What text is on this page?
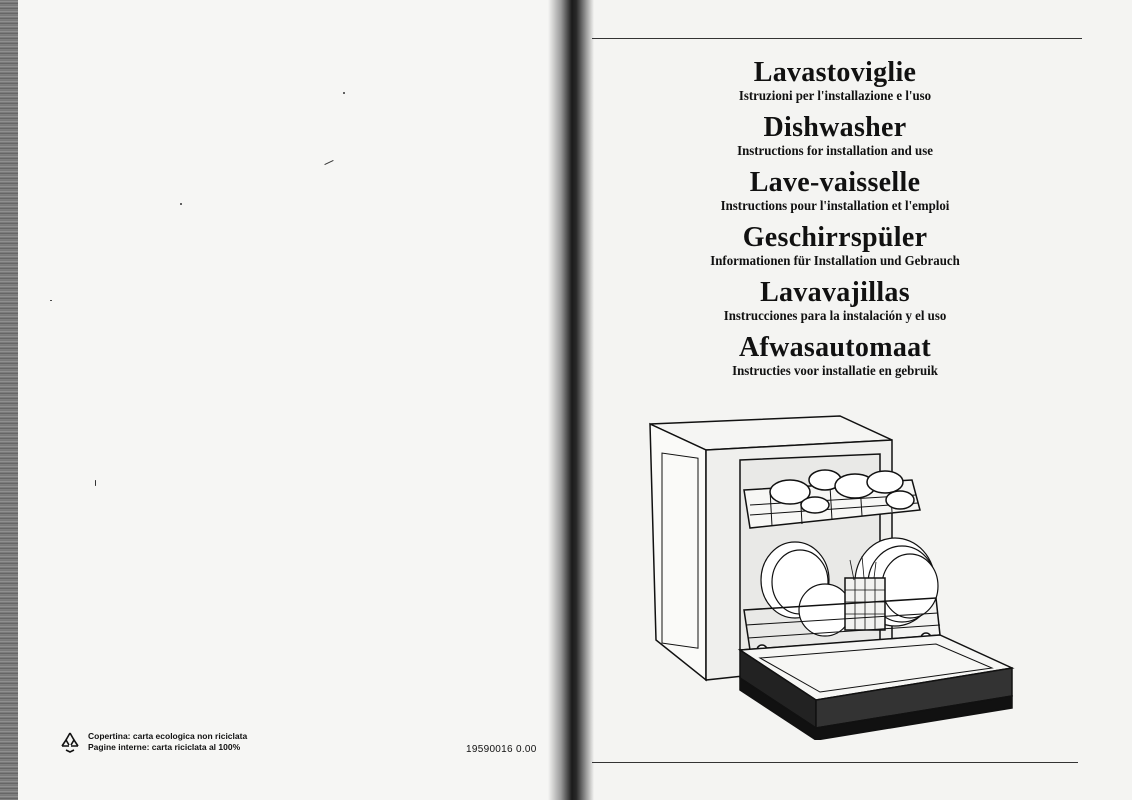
Lavastoviglie
Istruzioni per l'installazione e l'uso
Dishwasher
Instructions for installation and use
Lave-vaisselle
Instructions pour l'installation et l'emploi
Geschirrspüler
Informationen für Installation und Gebrauch
Lavavajillas
Instrucciones para la instalación y el uso
Afwasautomaat
Instructies voor installatie en gebruik
Copertina: carta ecologica non riciclata
Pagine interne: carta riciclata al 100%	19590016 0.00
